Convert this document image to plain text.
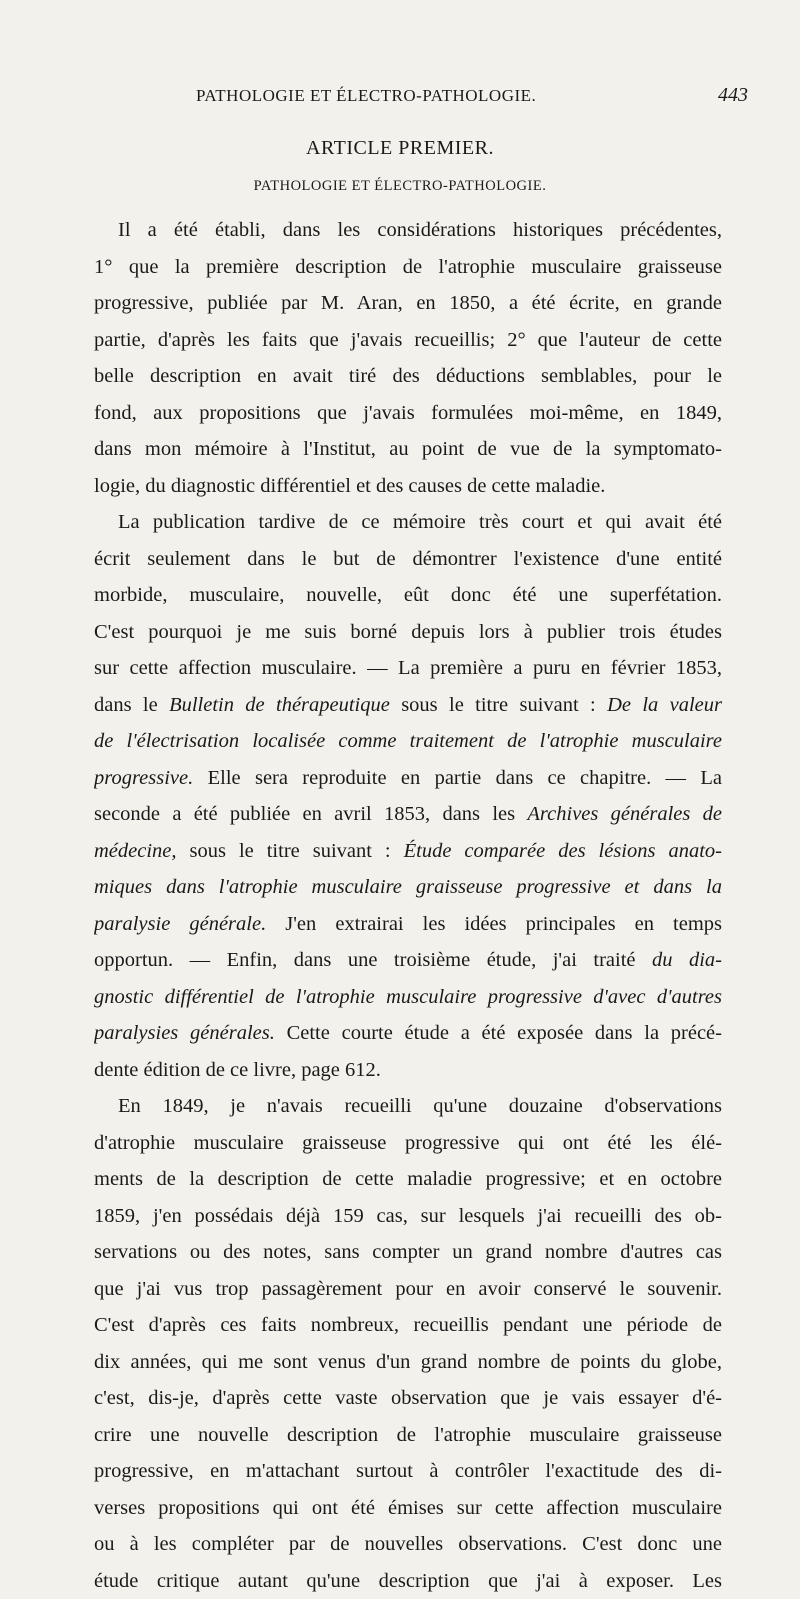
PATHOLOGIE ET ÉLECTRO-PATHOLOGIE.	443
ARTICLE PREMIER.
PATHOLOGIE ET ÉLECTRO-PATHOLOGIE.
Il a été établi, dans les considérations historiques précédentes,
1° que la première description de l'atrophie musculaire graisseuse
progressive, publiée par M. Aran, en 1850, a été écrite, en grande
partie, d'après les faits que j'avais recueillis; 2° que l'auteur de cette
belle description en avait tiré des déductions semblables, pour le
fond, aux propositions que j'avais formulées moi-même, en 1849,
dans mon mémoire à l'Institut, au point de vue de la symptomato-
logie, du diagnostic différentiel et des causes de cette maladie.
La publication tardive de ce mémoire très court et qui avait été
écrit seulement dans le but de démontrer l'existence d'une entité
morbide, musculaire, nouvelle, eût donc été une superfétation.
C'est pourquoi je me suis borné depuis lors à publier trois études
sur cette affection musculaire. — La première a puru en février 1853,
dans le Bulletin de thérapeutique sous le titre suivant : De la valeur
de l'électrisation localisée comme traitement de l'atrophie musculaire
progressive. Elle sera reproduite en partie dans ce chapitre. — La
seconde a été publiée en avril 1853, dans les Archives générales de
médecine, sous le titre suivant : Étude comparée des lésions anato-
miques dans l'atrophie musculaire graisseuse progressive et dans la
paralysie générale. J'en extrairai les idées principales en temps
opportun. — Enfin, dans une troisième étude, j'ai traité du dia-
gnostic différentiel de l'atrophie musculaire progressive d'avec d'autres
paralysies générales. Cette courte étude a été exposée dans la précé-
dente édition de ce livre, page 612.
En 1849, je n'avais recueilli qu'une douzaine d'observations
d'atrophie musculaire graisseuse progressive qui ont été les élé-
ments de la description de cette maladie progressive; et en octobre
1859, j'en possédais déjà 159 cas, sur lesquels j'ai recueilli des ob-
servations ou des notes, sans compter un grand nombre d'autres cas
que j'ai vus trop passagèrement pour en avoir conservé le souvenir.
C'est d'après ces faits nombreux, recueillis pendant une période de
dix années, qui me sont venus d'un grand nombre de points du globe,
c'est, dis-je, d'après cette vaste observation que je vais essayer d'é-
crire une nouvelle description de l'atrophie musculaire graisseuse
progressive, en m'attachant surtout à contrôler l'exactitude des di-
verses propositions qui ont été émises sur cette affection musculaire
ou à les compléter par de nouvelles observations. C'est donc une
étude critique autant qu'une description que j'ai à exposer. Les
